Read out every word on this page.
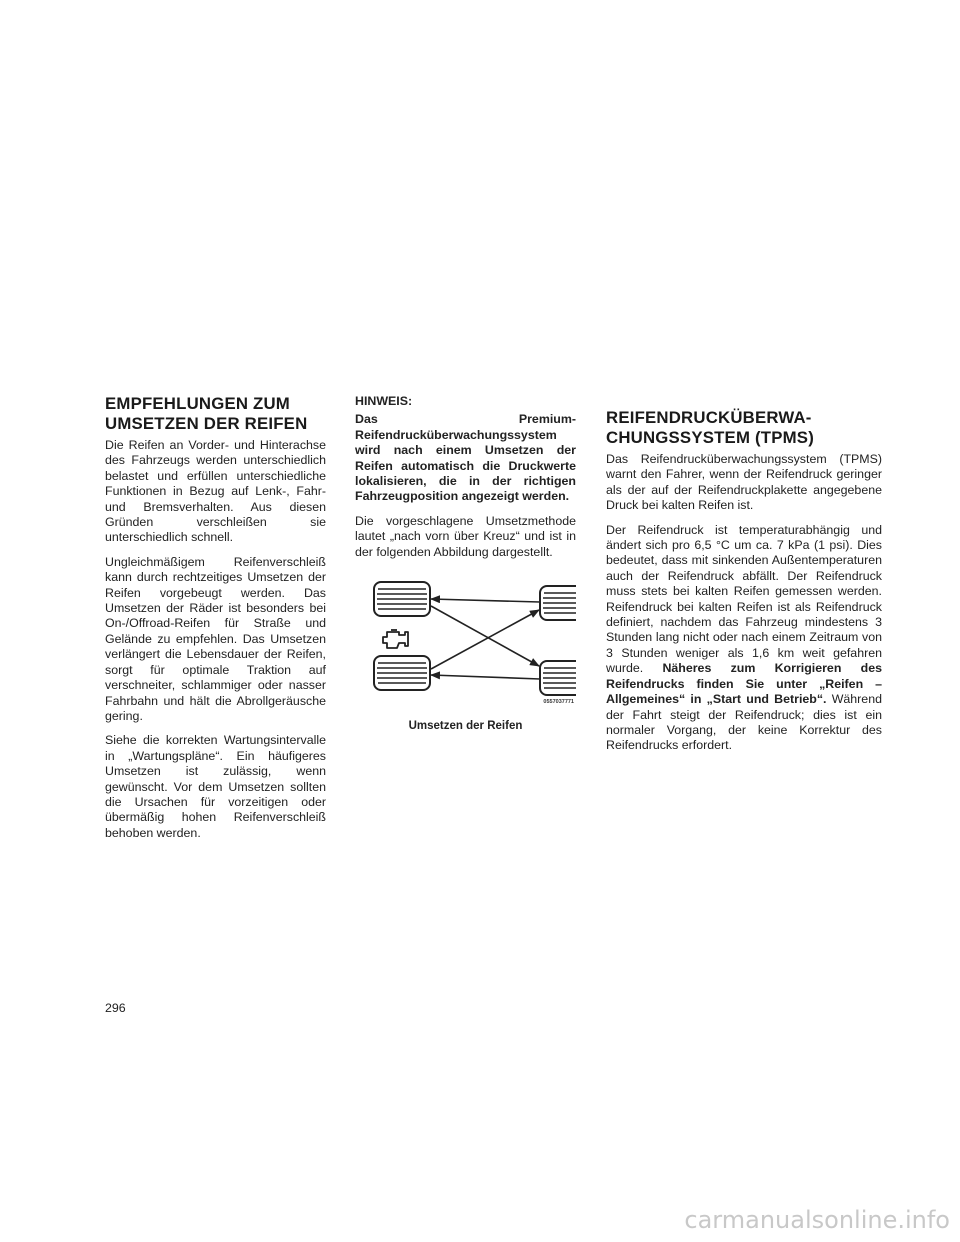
EMPFEHLUNGEN ZUM
UMSETZEN DER REIFEN

Die Reifen an Vorder- und Hinterachse des Fahrzeugs werden unterschiedlich belastet und erfüllen unterschiedliche Funktionen in Bezug auf Lenk-, Fahr- und Bremsverhalten. Aus diesen Gründen verschleißen sie unterschiedlich schnell.

Ungleichmäßigem Reifenverschleiß kann durch rechtzeitiges Umsetzen der Reifen vorgebeugt werden. Das Umsetzen der Räder ist besonders bei On-/Offroad-Reifen für Straße und Gelände zu empfehlen. Das Umsetzen verlängert die Lebensdauer der Reifen, sorgt für optimale Traktion auf verschneiter, schlammiger oder nasser Fahrbahn und hält die Abrollgeräusche gering.

Siehe die korrekten Wartungsintervalle in „Wartungspläne“. Ein häufigeres Umsetzen ist zulässig, wenn gewünscht. Vor dem Umsetzen sollten die Ursachen für vorzeitigen oder übermäßig hohen Reifenverschleiß behoben werden.

HINWEIS:

Das Premium-Reifendrucküberwachungssystem wird nach einem Umsetzen der Reifen automatisch die Druckwerte lokalisieren, die in der richtigen Fahrzeugposition angezeigt werden.

Die vorgeschlagene Umsetzmethode lautet „nach vorn über Kreuz“ und ist in der folgenden Abbildung dargestellt.

0557037771
Umsetzen der Reifen
REIFENDRUCKÜBERWA-
CHUNGSSYSTEM (TPMS)

Das Reifendrucküberwachungssystem (TPMS) warnt den Fahrer, wenn der Reifendruck geringer als der auf der Reifendruckplakette angegebene Druck bei kalten Reifen ist.

Der Reifendruck ist temperaturabhängig und ändert sich pro 6,5 °C um ca. 7 kPa (1 psi). Dies bedeutet, dass mit sinkenden Außentemperaturen auch der Reifendruck abfällt. Der Reifendruck muss stets bei kalten Reifen gemessen werden. Reifendruck bei kalten Reifen ist als Reifendruck definiert, nachdem das Fahrzeug mindestens 3 Stunden lang nicht oder nach einem Zeitraum von 3 Stunden weniger als 1,6 km weit gefahren wurde. Näheres zum Korrigieren des Reifendrucks finden Sie unter „Reifen – Allgemeines“ in „Start und Betrieb“. Während der Fahrt steigt der Reifendruck; dies ist ein normaler Vorgang, der keine Korrektur des Reifendrucks erfordert.

296
carmanualsonline.info
